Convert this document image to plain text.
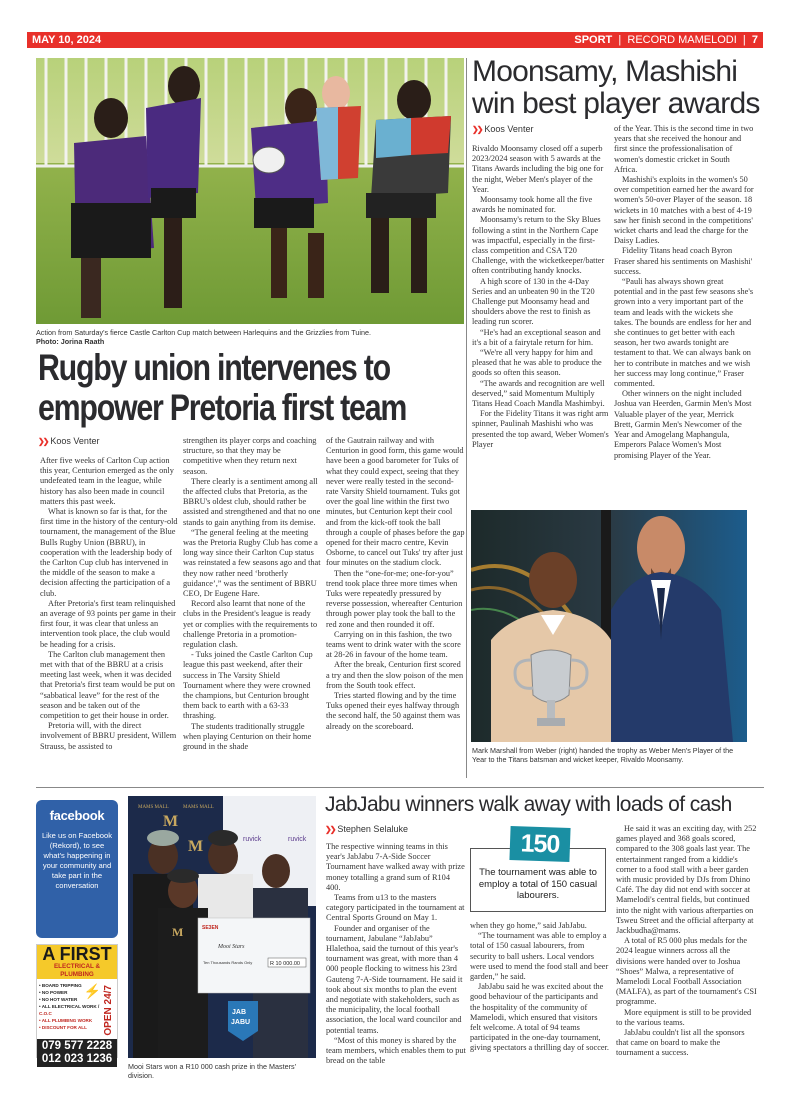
MAY 10, 2024	SPORT  |  RECORD MAMELODI  |  7
Action from Saturday's fierce Castle Carlton Cup match between Harlequins and the Grizzlies from Tuine.
Photo: Jorina Raath
Rugby union intervenes to
empower Pretoria first team
❯❯ Koos Venter

After five weeks of Carlton Cup action this year, Centurion emerged as the only undefeated team in the league, while history has also been made in council matters this past week.

What is known so far is that, for the first time in the history of the century-old tournament, the management of the Blue Bulls Rugby Union (BBRU), in cooperation with the leadership body of the Carlton Cup club has intervened in the middle of the season to make a decision affecting the participation of a club.

After Pretoria's first team relinquished an average of 93 points per game in their first four, it was clear that unless an intervention took place, the club would be heading for a crisis.

The Carlton club management then met with that of the BBRU at a crisis meeting last week, when it was decided that Pretoria's first team would be put on “sabbatical leave” for the rest of the season and be taken out of the competition to get their house in order.

Pretoria will, with the direct involvement of BBRU president, Willem Strauss, be assisted to

strengthen its player corps and coaching structure, so that they may be competitive when they return next season.

There clearly is a sentiment among all the affected clubs that Pretoria, as the BBRU's oldest club, should rather be assisted and strengthened and that no one stands to gain anything from its demise.

“The general feeling at the meeting was the Pretoria Rugby Club has come a long way since their Carlton Cup status was reinstated a few seasons ago and that they now rather need ‘brotherly guidance’,” was the sentiment of BBRU CEO, Dr Eugene Hare.

Record also learnt that none of the clubs in the President's league is ready yet or complies with the requirements to challenge Pretoria in a promotion-regulation clash.

- Tuks joined the Castle Carlton Cup league this past weekend, after their success in The Varsity Shield Tournament where they were crowned the champions, but Centurion brought them back to earth with a 63-33 thrashing.

The students traditionally struggle when playing Centurion on their home ground in the shade

of the Gautrain railway and with Centurion in good form, this game would have been a good barometer for Tuks of what they could expect, seeing that they never were really tested in the second-rate Varsity Shield tournament. Tuks got over the goal line within the first two minutes, but Centurion kept their cool and from the kick-off took the ball through a couple of phases before the gap opened for their macro centre, Kevin Osborne, to cancel out Tuks' try after just four minutes on the stadium clock.

Then the “one-for-me; one-for-you” trend took place three more times when Tuks were repeatedly pressured by reverse possession, whereafter Centurion through power play took the ball to the red zone and then rounded it off.

Carrying on in this fashion, the two teams went to drink water with the score at 28-26 in favour of the home team.

After the break, Centurion first scored a try and then the slow poison of the men from the South took effect.

Tries started flowing and by the time Tuks opened their eyes halfway through the second half, the 50 against them was already on the scoreboard.

Moonsamy, Mashishi
win best player awards
❯❯ Koos Venter

Rivaldo Moonsamy closed off a superb 2023/2024 season with 5 awards at the Titans Awards including the big one for the night, Weber Men's player of the Year.

Moonsamy took home all the five awards he nominated for.

Moonsamy's return to the Sky Blues following a stint in the Northern Cape was impactful, especially in the first-class competition and CSA T20 Challenge, with the wicketkeeper/batter often contributing handy knocks.

A high score of 130 in the 4-Day Series and an unbeaten 90 in the T20 Challenge put Moonsamy head and shoulders above the rest to finish as leading run scorer.

“He's had an exceptional season and it's a bit of a fairytale return for him.

“We're all very happy for him and pleased that he was able to produce the goods so often this season.

“The awards and recognition are well deserved,” said Momentum Multiply Titans Head Coach Mandla Mashimbyi.

For the Fidelity Titans it was right arm spinner, Paulinah Mashishi who was presented the top award, Weber Women's Player

of the Year. This is the second time in two years that she received the honour and first since the professionalisation of women's domestic cricket in South Africa.

Mashishi's exploits in the women's 50 over competition earned her the award for women's 50-over Player of the season. 18 wickets in 10 matches with a best of 4-19 saw her finish second in the competitions' wicket charts and lead the charge for the Daisy Ladies.

Fidelity Titans head coach Byron Fraser shared his sentiments on Mashishi' success.

“Pauli has always shown great potential and in the past few seasons she's grown into a very important part of the team and leads with the wickets she takes. The bounds are endless for her and she continues to get better with each season, her two awards tonight are testament to that. We can always bank on her to contribute in matches and we wish her success may long continue,” Fraser commented.

Other winners on the night included Joshua van Heerden, Garmin Men's Most Valuable player of the year, Merrick Brett, Garmin Men's Newcomer of the Year and Amogelang Maphangula, Emperors Palace Women's Most promising Player of the Year.

Mark Marshall from Weber (right) handed the trophy as Weber Men's Player of the Year to the Titans batsman and wicket keeper, Rivaldo Moonsamy.
facebook
Like us on Facebook (Rekord), to see what's happening in your community and take part in the conversation
A FIRST
ELECTRICAL & PLUMBING
• BOARD TRIPPING
• NO POWER
• NO HOT WATER
• ALL ELECTRICAL WORK /
C.O.C
• ALL PLUMBING WORK
• DISCOUNT FOR ALL
⚡ OPEN 24/7
079 577 2228
012 023 1236
MAMS MALL	MAMS MALL
M
M	ruvick	ruvick
M	SE3EN
Mooi Stars
Ten Thousands Rands Only	R 10 000.00
JAB
JABU
Mooi Stars won a R10 000 cash prize in the Masters' division.
JabJabu winners walk away with loads of cash
❯❯ Stephen Selaluke

The respective winning teams in this year's JabJabu 7-A-Side Soccer Tournament have walked away with prize money totalling a grand sum of R104 400.

Teams from u13 to the masters category participated in the tournament at Central Sports Ground on May 1.

Founder and organiser of the tournament, Jabulane “JabJabu” Hlalethoa, said the turnout of this year's tournament was great, with more than 4 000 people flocking to witness his 23rd Gauteng 7-A-Side tournament. He said it took about six months to plan the event and negotiate with stakeholders, such as the municipality, the local football association, the local ward councilor and potential teams.

“Most of this money is shared by the team members, which enables them to put bread on the table

The tournament was able to employ a total of 150 casual labourers.
150

when they go home,” said JabJabu.

“The tournament was able to employ a total of 150 casual labourers, from security to ball ushers. Local vendors were used to mend the food stall and beer garden,” he said.

JabJabu said he was excited about the good behaviour of the participants and the hospitality of the community of Mamelodi, which ensured that visitors felt welcome. A total of 94 teams participated in the one-day tournament, giving spectators a thrilling day of soccer.

He said it was an exciting day, with 252 games played and 368 goals scored, compared to the 308 goals last year. The entertainment ranged from a kiddie's corner to a food stall with a beer garden with music provided by DJs from Dhino Café. The day did not end with soccer at Mamelodi's central fields, but continued into the night with various afterparties on Tsweu Street and the official afterparty at Jackbudha@mams.

A total of R5 000 plus medals for the 2024 league winners across all the divisions were handed over to Joshua “Shoes” Malwa, a representative of Mamelodi Local Football Association (MALFA), as part of the tournament's CSI programme.

More equipment is still to be provided to the various teams.

JabJabu couldn't list all the sponsors that came on board to make the tournament a success.
